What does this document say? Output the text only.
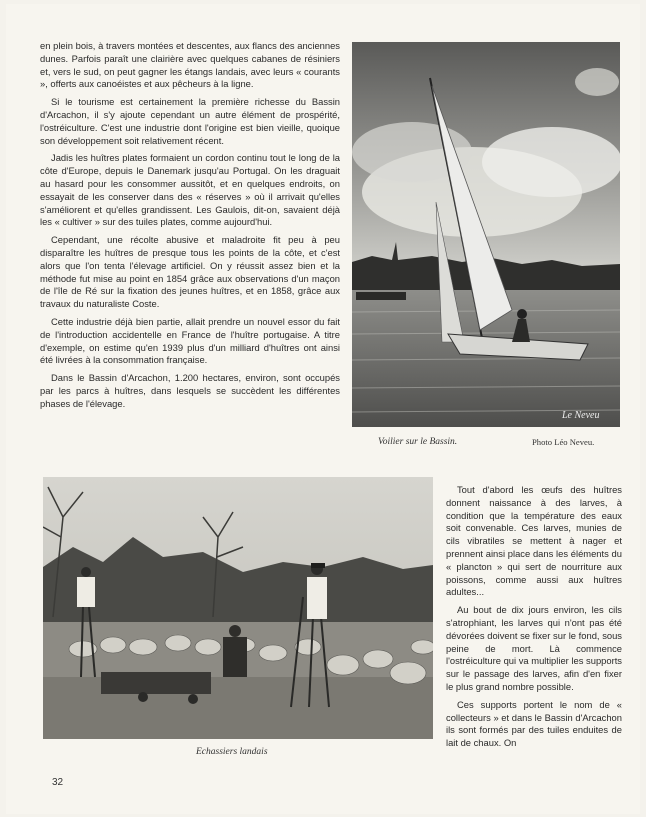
en plein bois, à travers montées et descentes, aux flancs des anciennes dunes. Parfois paraît une clairière avec quelques cabanes de résiniers et, vers le sud, on peut gagner les étangs landais, avec leurs « courants », offerts aux canoéistes et aux pêcheurs à la ligne.

Si le tourisme est certainement la première richesse du Bassin d'Arcachon, il s'y ajoute cependant un autre élément de prospérité, l'ostréiculture. C'est une industrie dont l'origine est bien vieille, quoique son développement soit relativement récent.

Jadis les huîtres plates formaient un cordon continu tout le long de la côte d'Europe, depuis le Danemark jusqu'au Portugal. On les draguait au hasard pour les consommer aussitôt, et en quelques endroits, on essayait de les conserver dans des « réserves » où il arrivait qu'elles s'améliorent et qu'elles grandissent. Les Gaulois, dit-on, savaient déjà les « cultiver » sur des tuiles plates, comme aujourd'hui.

Cependant, une récolte abusive et maladroite fit peu à peu disparaître les huîtres de presque tous les points de la côte, et c'est alors que l'on tenta l'élevage artificiel. On y réussit assez bien et la méthode fut mise au point en 1854 grâce aux observations d'un maçon de l'île de Ré sur la fixation des jeunes huîtres, et en 1858, grâce aux travaux du naturaliste Coste.

Cette industrie déjà bien partie, allait prendre un nouvel essor du fait de l'introduction accidentelle en France de l'huître portugaise. A titre d'exemple, on estime qu'en 1939 plus d'un milliard d'huîtres ont ainsi été livrées à la consommation française.

Dans le Bassin d'Arcachon, 1.200 hectares, environ, sont occupés par les parcs à huîtres, dans lesquels se succèdent les différentes phases de l'élevage.

Le Neveu
Voilier sur le Bassin.	Photo Léo Neveu.
Echassiers landais

Tout d'abord les œufs des huîtres donnent naissance à des larves, à condition que la température des eaux soit convenable. Ces larves, munies de cils vibratiles se mettent à nager et prennent ainsi place dans les éléments du « plancton » qui sert de nourriture aux poissons, comme aussi aux huîtres adultes...

Au bout de dix jours environ, les cils s'atrophiant, les larves qui n'ont pas été dévorées doivent se fixer sur le fond, sous peine de mort. Là commence l'ostréiculture qui va multiplier les supports sur le passage des larves, afin d'en fixer le plus grand nombre possible.

Ces supports portent le nom de « collecteurs » et dans le Bassin d'Arcachon ils sont formés par des tuiles enduites de lait de chaux. On

32
